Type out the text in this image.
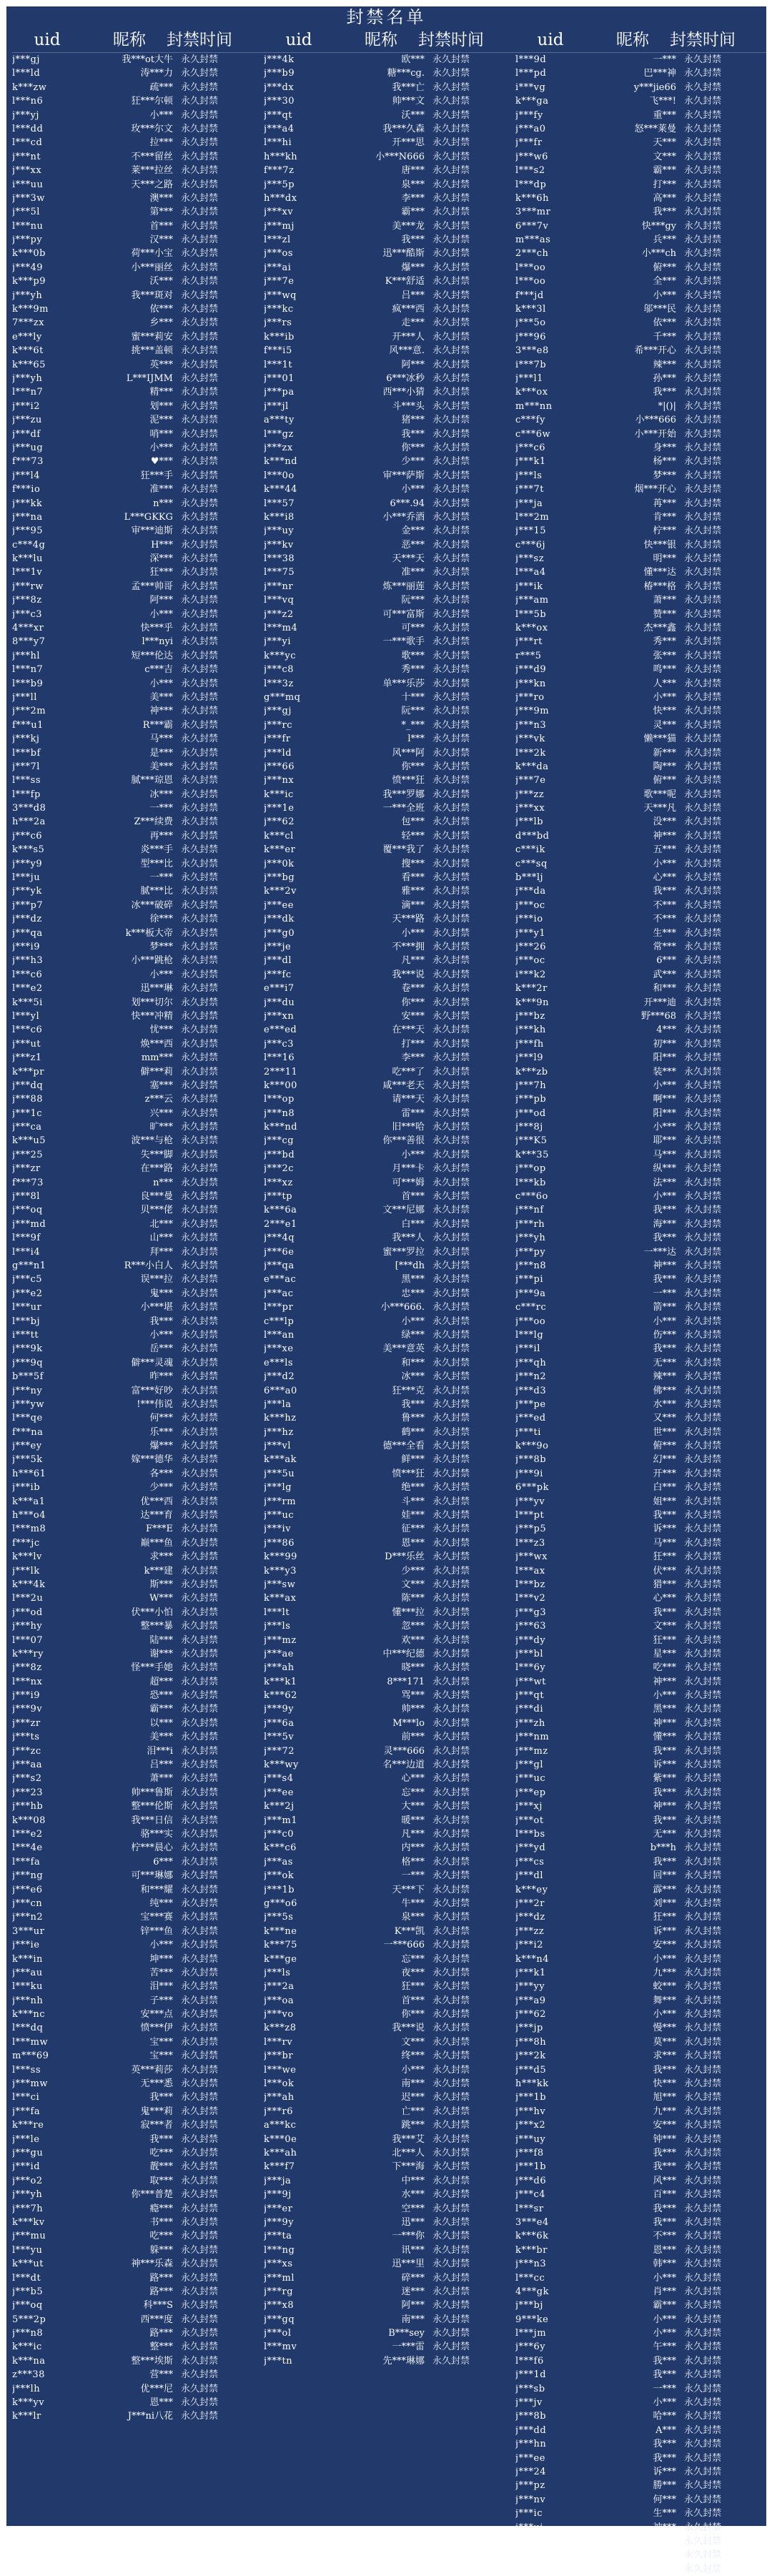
封禁名单
uid	昵称	封禁时间
j***gj	我***ot大牛 永久封禁
l***ld	涛***力 永久封禁
k***zw	疏*** 永久封禁
l***n6	狂***尔顿 永久封禁
j***yj	小*** 永久封禁
l***dd	玫***尔文 永久封禁
l***cd	拉*** 永久封禁
j***nt	不***留丝 永久封禁
j***xx	莱***拉丝 永久封禁
i***uu	天***之路 永久封禁
j***3w	澳*** 永久封禁
j***5l	第*** 永久封禁
l***nu	首*** 永久封禁
j***py	汉*** 永久封禁
k***0b	荷***小宝 永久封禁
j***49	小***丽丝 永久封禁
k***p9	沃*** 永久封禁
j***yh	我***斑对 永久封禁
k***9m	依*** 永久封禁
7***zx	乡*** 永久封禁
e***ly	蜜***莉安 永久封禁
k***6t	挑***盖顿 永久封禁
k***65	英*** 永久封禁
j***yh	L***IJMM 永久封禁
l***n7	精*** 永久封禁
j***i2	划*** 永久封禁
j***zu	泥*** 永久封禁
j***df	哨*** 永久封禁
j***ug	小*** 永久封禁
f***73	♥*** 永久封禁
j***l4	狂***手 永久封禁
f***io	准*** 永久封禁
j***kk	n*** 永久封禁
j***na	L***GKKG 永久封禁
j***95	审***迪斯 永久封禁
c***4g	H*** 永久封禁
k***lu	深*** 永久封禁
l***1v	狂*** 永久封禁
j***rw	孟***帅哥 永久封禁
j***8z	阿*** 永久封禁
j***c3	小*** 永久封禁
4***xr	快***乎 永久封禁
8***y7	l***nyi 永久封禁
j***hl	短***伦达 永久封禁
l***n7	c***吉 永久封禁
l***b9	小*** 永久封禁
j***ll	美*** 永久封禁
j***2m	神*** 永久封禁
f***u1	R***霸 永久封禁
j***kj	马*** 永久封禁
l***bf	是*** 永久封禁
j***7l	美*** 永久封禁
l***ss	腻***琼恩 永久封禁
l***fp	冰*** 永久封禁
3***d8	一*** 永久封禁
h***2a	Z***续费 永久封禁
j***c6	再*** 永久封禁
k***s5	炎***手 永久封禁
j***y9	型***比 永久封禁
l***ju	一*** 永久封禁
j***yk	腻***比 永久封禁
j***p7	冰***破碎 永久封禁
j***dz	徐*** 永久封禁
j***qa	k***板大帝 永久封禁
j***i9	梦*** 永久封禁
j***h3	小***跳枪 永久封禁
l***c6	小*** 永久封禁
l***e2	迅***琳 永久封禁
k***5i	划***切尔 永久封禁
l***yl	快***冲精 永久封禁
l***c6	忧*** 永久封禁
j***ut	焕***西 永久封禁
j***z1	mm*** 永久封禁
k***pr	僻***莉 永久封禁
j***dq	塞*** 永久封禁
j***88	z***云 永久封禁
j***1c	兴*** 永久封禁
j***ca	旷*** 永久封禁
k***u5	波***与枪 永久封禁
j***25	失***脚 永久封禁
j***zr	在***路 永久封禁
f***73	n*** 永久封禁
j***8l	良***曼 永久封禁
j***oq	贝***佬 永久封禁
j***md	北*** 永久封禁
l***9f	山*** 永久封禁
l***i4	拜*** 永久封禁
g***n1	R***小白人 永久封禁
j***c5	误***拉 永久封禁
j***e2	鬼*** 永久封禁
l***ur	小***堪 永久封禁
l***bj	我*** 永久封禁
i***tt	小*** 永久封禁
j***9k	岳*** 永久封禁
j***9q	僻***灵魂 永久封禁
b***5f	昨*** 永久封禁
j***ny	富***好吵 永久封禁
j***yw	!***伟说 永久封禁
l***qe	何*** 永久封禁
f***na	乐*** 永久封禁
j***ey	爆*** 永久封禁
j***5k	嫁***德华 永久封禁
h***61	各*** 永久封禁
j***ib	少*** 永久封禁
k***a1	优***西 永久封禁
h***o4	达***育 永久封禁
l***m8	F***E 永久封禁
f***jc	巅***鱼 永久封禁
k***lv	求*** 永久封禁
j***lk	k***建 永久封禁
k***4k	斯*** 永久封禁
l***2u	W*** 永久封禁
j***od	伏***小怕 永久封禁
j***hy	整***暴 永久封禁
l***07	陆*** 永久封禁
k***ry	谢*** 永久封禁
j***8z	怪***手她 永久封禁
l***nx	超*** 永久封禁
j***i9	恐*** 永久封禁
j***9v	霸*** 永久封禁
j***zr	以*** 永久封禁
j***ts	美*** 永久封禁
j***zc	泪***i 永久封禁
j***aa	吕*** 永久封禁
j***s2	萧*** 永久封禁
j***23	帅***鲁斯 永久封禁
j***hb	整***伦斯 永久封禁
k***08	我***日信 永久封禁
l***e2	骆***实 永久封禁
l***4e	柠***晨心 永久封禁
l***fa	6*** 永久封禁
j***ng	可***琳娜 永久封禁
j***e6	和***耀 永久封禁
j***cn	纯*** 永久封禁
j***n2	宝***赛 永久封禁
3***ur	锌***鱼 永久封禁
j***ie	小*** 永久封禁
k***in	坤*** 永久封禁
j***au	苦*** 永久封禁
l***ku	泪*** 永久封禁
j***nh	子*** 永久封禁
k***nc	安***点 永久封禁
l***dq	愤***伊 永久封禁
l***mw	宝*** 永久封禁
m***69	宝*** 永久封禁
l***ss	英***莉莎 永久封禁
j***mw	无***悉 永久封禁
l***ci	我*** 永久封禁
j***fa	鬼***莉 永久封禁
k***re	寂***者 永久封禁
j***le	我*** 永久封禁
j***gu	吃*** 永久封禁
j***id	靓*** 永久封禁
j***o2	取*** 永久封禁
j***yh	你***普楚 永久封禁
j***7h	瘾*** 永久封禁
k***kv	书*** 永久封禁
j***mu	吃*** 永久封禁
l***yu	躲*** 永久封禁
k***ut	神***乐森 永久封禁
l***dt	路*** 永久封禁
j***b5	路*** 永久封禁
j***oq	科***S 永久封禁
5***2p	西***度 永久封禁
j***n8	路*** 永久封禁
k***ic	整*** 永久封禁
k***na	整***埃斯 永久封禁
z***38	营*** 永久封禁
j***lh	优***尼 永久封禁
k***yv	恩*** 永久封禁
k***lr	J***ni八花 永久封禁
uid	昵称	封禁时间
j***4k	欧*** 永久封禁
j***b9	糖***cg. 永久封禁
j***dx	我***亡 永久封禁
j***30	帅***文 永久封禁
j***qt	沃*** 永久封禁
j***a4	我***久森 永久封禁
l***hi	开***思 永久封禁
h***kh	小***N666 永久封禁
f***7z	唐*** 永久封禁
j***5p	泉*** 永久封禁
h***dx	李*** 永久封禁
j***xv	霸*** 永久封禁
j***mj	美***龙 永久封禁
l***zl	我*** 永久封禁
j***os	迅***酷斯 永久封禁
j***ai	爆*** 永久封禁
j***7e	K***舒适 永久封禁
j***wq	吕*** 永久封禁
j***kc	疯***西 永久封禁
j***rs	走*** 永久封禁
k***ib	开***人 永久封禁
f***i5	风***意. 永久封禁
l***1t	阿*** 永久封禁
j***01	6***冰秒 永久封禁
j***pa	西***小猜 永久封禁
j***jl	斗***头 永久封禁
a***ty	猪*** 永久封禁
l***gz	我*** 永久封禁
j***zx	你*** 永久封禁
k***nd	少*** 永久封禁
l***0o	审***萨斯 永久封禁
k***44	小*** 永久封禁
l***57	6***.94 永久封禁
k***i8	小***乔酒 永久封禁
j***uy	金*** 永久封禁
j***kv	恶*** 永久封禁
l***38	天***天 永久封禁
l***75	准*** 永久封禁
j***nr	炼***丽莲 永久封禁
l***vq	阮*** 永久封禁
j***z2	可***富斯 永久封禁
l***m4	可*** 永久封禁
j***yi	一***歌手 永久封禁
k***yc	歌*** 永久封禁
j***c8	秀*** 永久封禁
l***3z	单***乐莎 永久封禁
g***mq	十*** 永久封禁
j***gj	阮*** 永久封禁
j***rc	*_*** 永久封禁
j***fr	l*** 永久封禁
j***ld	风***阿 永久封禁
j***66	你*** 永久封禁
j***nx	愤***狂 永久封禁
k***ic	我***罗娜 永久封禁
j***1e	一***全班 永久封禁
j***62	包*** 永久封禁
k***cl	轻*** 永久封禁
k***er	覆***我了 永久封禁
j***0k	搜*** 永久封禁
j***bg	看*** 永久封禁
k***2v	雅*** 永久封禁
j***ee	滴*** 永久封禁
j***dk	天***路 永久封禁
j***g0	小*** 永久封禁
j***je	不***拥 永久封禁
j***dl	凡*** 永久封禁
j***fc	我***说 永久封禁
e***i7	卷*** 永久封禁
j***du	你*** 永久封禁
j***xn	安*** 永久封禁
e***ed	在***天 永久封禁
j***c3	打*** 永久封禁
l***16	李*** 永久封禁
2***11	吃***了 永久封禁
k***00	咸***老天 永久封禁
l***op	请***天 永久封禁
j***n8	雷*** 永久封禁
k***nd	旧***哈 永久封禁
j***cg	你***善很 永久封禁
j***bd	小*** 永久封禁
j***2c	月***卡 永久封禁
l***xz	可***姆 永久封禁
j***tp	首*** 永久封禁
k***6a	文***尼娜 永久封禁
2***e1	白*** 永久封禁
j***4q	我***人 永久封禁
j***6e	蜜***罗拉 永久封禁
j***qa	[***dh 永久封禁
e***ac	黑*** 永久封禁
j***ac	忠*** 永久封禁
l***pr	小***666. 永久封禁
c***lp	小*** 永久封禁
l***an	绿*** 永久封禁
j***xe	美***意英 永久封禁
e***ls	和*** 永久封禁
j***d2	冰*** 永久封禁
6***a0	狂***克 永久封禁
j***la	我*** 永久封禁
k***hz	鲁*** 永久封禁
j***hz	鹤*** 永久封禁
j***vl	德***全看 永久封禁
k***ak	鲜*** 永久封禁
j***5u	愤***狂 永久封禁
j***lg	绝*** 永久封禁
j***rm	斗*** 永久封禁
j***uc	娃*** 永久封禁
j***iv	征*** 永久封禁
j***86	恩*** 永久封禁
k***99	D***乐丝 永久封禁
k***y3	少*** 永久封禁
j***sw	文*** 永久封禁
k***ax	陈*** 永久封禁
l***lt	懂***拉 永久封禁
j***ls	忽*** 永久封禁
j***mz	欢*** 永久封禁
j***ae	中***纪德 永久封禁
j***ah	晓*** 永久封禁
k***k1	8***171 永久封禁
k***62	骂*** 永久封禁
j***9y	帅*** 永久封禁
j***6a	M***lo 永久封禁
l***5v	前*** 永久封禁
j***72	灵***666 永久封禁
k***wy	名***边道 永久封禁
j***s4	心*** 永久封禁
j***ee	忘*** 永久封禁
k***2j	大*** 永久封禁
j***m1	暖*** 永久封禁
j***c0	凡*** 永久封禁
k***c6	内*** 永久封禁
j***as	格*** 永久封禁
j***ok	一*** 永久封禁
j***1b	天***下 永久封禁
g***o6	牛*** 永久封禁
j***5s	泉*** 永久封禁
k***ne	K***凯 永久封禁
k***75	一***666 永久封禁
k***ge	忘*** 永久封禁
j***ls	夜*** 永久封禁
j***2a	狂*** 永久封禁
j***oa	首*** 永久封禁
j***vo	你*** 永久封禁
k***z8	我***说 永久封禁
l***rv	文*** 永久封禁
j***br	终*** 永久封禁
l***we	小*** 永久封禁
l***ok	南*** 永久封禁
j***ah	迟*** 永久封禁
j***r6	亡*** 永久封禁
a***kc	跳*** 永久封禁
k***0e	我***艾 永久封禁
k***ah	北***人 永久封禁
k***f7	下***海 永久封禁
j***ja	中*** 永久封禁
j***9j	水*** 永久封禁
j***er	空*** 永久封禁
j***9y	迅*** 永久封禁
j***ta	一***你 永久封禁
l***ng	讯*** 永久封禁
j***xs	迅***里 永久封禁
j***ml	碎*** 永久封禁
j***rg	迷*** 永久封禁
j***x8	阿*** 永久封禁
j***gq	南*** 永久封禁
j***ol	B***sey 永久封禁
l***mv	一***雷 永久封禁
j***tn	先***琳娜 永久封禁
uid	昵称	封禁时间
l***9d	一*** 永久封禁
l***pd	巴***神 永久封禁
i***vg	y***jie66 永久封禁
k***ga	飞***! 永久封禁
j***fy	重*** 永久封禁
j***a0	怒***莱曼 永久封禁
j***fr	天*** 永久封禁
j***w6	文*** 永久封禁
l***s2	霸*** 永久封禁
l***dp	打*** 永久封禁
k***6h	高*** 永久封禁
3***mr	我*** 永久封禁
6***7v	快***gy 永久封禁
m***as	兵*** 永久封禁
2***ch	小***ch 永久封禁
l***oo	俯*** 永久封禁
l***oo	全*** 永久封禁
f***jd	小*** 永久封禁
k***3l	邬***民 永久封禁
j***5o	依*** 永久封禁
j***96	千*** 永久封禁
3***e8	希***开心 永久封禁
i***7b	辣*** 永久封禁
j***l1	孙*** 永久封禁
k***ox	我*** 永久封禁
m***nn	*|()| 永久封禁
c***fy	小***666 永久封禁
c***6w	小***开始 永久封禁
j***c6	身*** 永久封禁
j***k1	杨*** 永久封禁
j***ls	梦*** 永久封禁
j***7t	烟***开心 永久封禁
j***ja	苒*** 永久封禁
l***2m	肯*** 永久封禁
j***15	柠*** 永久封禁
c***6j	快***银 永久封禁
j***sz	明*** 永久封禁
l***a4	懂***达 永久封禁
j***ik	椿***格 永久封禁
j***am	萧*** 永久封禁
l***5b	赞*** 永久封禁
k***ox	杰***鑫 永久封禁
j***rt	秀*** 永久封禁
r***5	张*** 永久封禁
j***d9	鸣*** 永久封禁
j***kn	人*** 永久封禁
j***ro	小*** 永久封禁
j***9m	快*** 永久封禁
j***n3	灵*** 永久封禁
j***vk	懒***猫 永久封禁
l***2k	新*** 永久封禁
k***da	陶*** 永久封禁
j***7e	俯*** 永久封禁
j***zz	歌***呢 永久封禁
j***xx	天***凡 永久封禁
j***lb	没*** 永久封禁
d***bd	神*** 永久封禁
c***ik	五*** 永久封禁
c***sq	小*** 永久封禁
b***lj	心*** 永久封禁
j***da	我*** 永久封禁
j***oc	不*** 永久封禁
j***io	不*** 永久封禁
j***y1	生*** 永久封禁
j***26	常*** 永久封禁
j***oc	6*** 永久封禁
i***k2	武*** 永久封禁
k***2r	和*** 永久封禁
k***9n	开***迪 永久封禁
j***bz	野***68 永久封禁
j***kh	4*** 永久封禁
j***fh	初*** 永久封禁
j***l9	阳*** 永久封禁
k***zb	装*** 永久封禁
j***7h	小*** 永久封禁
j***pb	啊*** 永久封禁
j***od	阳*** 永久封禁
j***8j	小*** 永久封禁
j***K5	耶*** 永久封禁
k***35	马*** 永久封禁
j***op	纵*** 永久封禁
l***kb	法*** 永久封禁
c***6o	小*** 永久封禁
j***nf	我*** 永久封禁
j***rh	海*** 永久封禁
j***yh	我*** 永久封禁
j***py	一***达 永久封禁
j***n8	神*** 永久封禁
j***pi	我*** 永久封禁
j***9a	一*** 永久封禁
c***rc	箭*** 永久封禁
j***oo	小*** 永久封禁
l***lg	伤*** 永久封禁
j***il	我*** 永久封禁
j***qh	无*** 永久封禁
j***n2	辣*** 永久封禁
j***d3	佛*** 永久封禁
j***pe	水*** 永久封禁
j***ed	又*** 永久封禁
j***ti	世*** 永久封禁
k***9o	俯*** 永久封禁
j***8b	幻*** 永久封禁
j***9i	开*** 永久封禁
6***pk	白*** 永久封禁
j***yv	姐*** 永久封禁
l***pt	我*** 永久封禁
j***p5	诉*** 永久封禁
l***z3	马*** 永久封禁
j***wx	狂*** 永久封禁
l***ax	伏*** 永久封禁
l***bz	猎*** 永久封禁
l***v2	心*** 永久封禁
j***g3	我*** 永久封禁
j***63	文*** 永久封禁
j***dy	狂*** 永久封禁
j***bl	星*** 永久封禁
l***6y	吃*** 永久封禁
j***wt	神*** 永久封禁
j***qt	小*** 永久封禁
j***di	黑*** 永久封禁
j***zh	神*** 永久封禁
j***nm	懂*** 永久封禁
j***mz	我*** 永久封禁
j***gl	诉*** 永久封禁
j***uc	紫*** 永久封禁
j***ep	我*** 永久封禁
j***xj	神*** 永久封禁
j***ot	我*** 永久封禁
l***bs	无*** 永久封禁
j***yd	b***h 永久封禁
j***cs	我*** 永久封禁
j***dl	回*** 永久封禁
k***ey	霹*** 永久封禁
j***2r	刘*** 永久封禁
j***dz	狂*** 永久封禁
j***zz	诉*** 永久封禁
j***i2	安*** 永久封禁
k***n4	小*** 永久封禁
j***k1	九*** 永久封禁
j***yy	蛟*** 永久封禁
j***a9	舞*** 永久封禁
j***62	小*** 永久封禁
j***jp	慢*** 永久封禁
j***8h	莫*** 永久封禁
j***2k	求*** 永久封禁
j***d5	我*** 永久封禁
h***kk	快*** 永久封禁
j***1b	旭*** 永久封禁
j***hv	九*** 永久封禁
j***x2	安*** 永久封禁
j***uy	钟*** 永久封禁
j***f8	我*** 永久封禁
j***1b	我*** 永久封禁
j***d6	风*** 永久封禁
j***c4	百*** 永久封禁
l***sr	我*** 永久封禁
3***e4	我*** 永久封禁
k***6k	不*** 永久封禁
k***br	恩*** 永久封禁
j***n3	韩*** 永久封禁
l***cc	小*** 永久封禁
4***gk	肖*** 永久封禁
j***bj	霸*** 永久封禁
9***ke	小*** 永久封禁
l***jm	小*** 永久封禁
j***6y	午*** 永久封禁
l***f6	我*** 永久封禁
j***1d	我*** 永久封禁
j***sb	一*** 永久封禁
j***jv	小*** 永久封禁
j***8b	哈*** 永久封禁
j***dd	A*** 永久封禁
j***hn	我*** 永久封禁
j***ee	我*** 永久封禁
j***24	诉*** 永久封禁
j***pz	勝*** 永久封禁
j***nv	何*** 永久封禁
j***ic	生*** 永久封禁
j***uj	神*** 永久封禁
k***q9	爱*** 永久封禁
j***c8	小*** 永久封禁
j***kd	我*** 永久封禁
